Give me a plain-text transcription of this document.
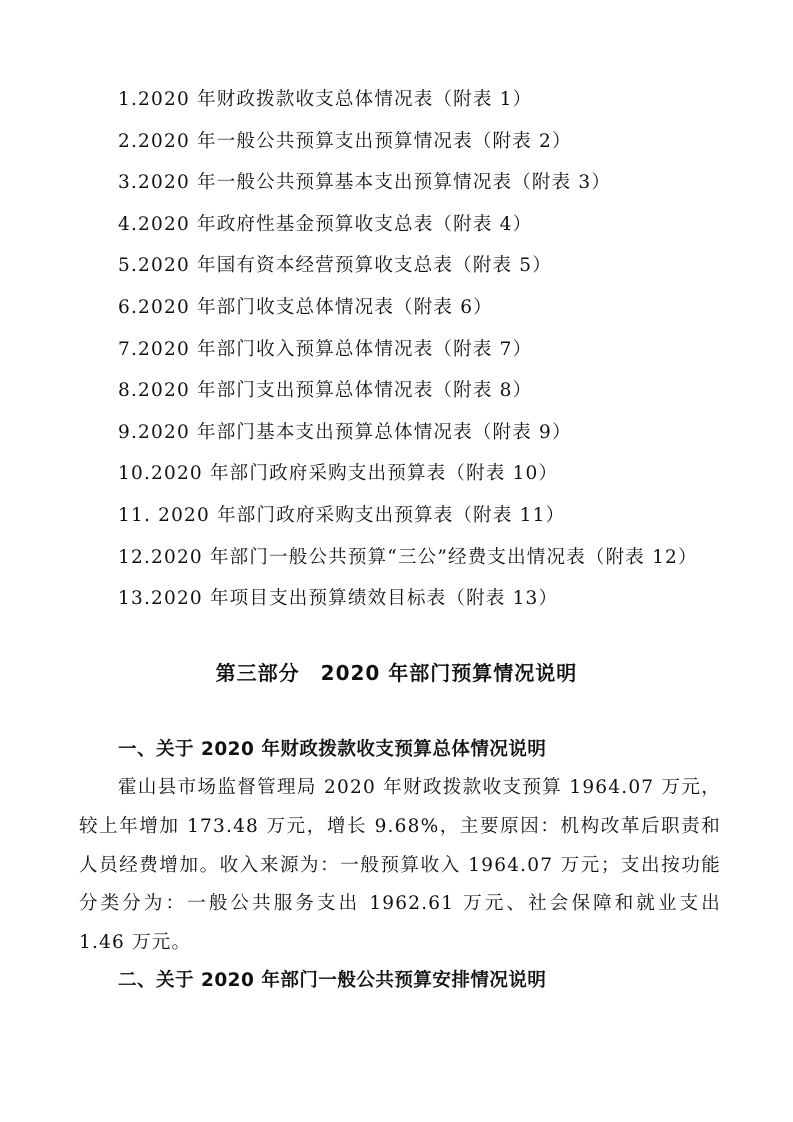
1.2020 年财政拨款收支总体情况表（附表 1）
2.2020 年一般公共预算支出预算情况表（附表 2）
3.2020 年一般公共预算基本支出预算情况表（附表 3）
4.2020 年政府性基金预算收支总表（附表 4）
5.2020 年国有资本经营预算收支总表（附表 5）
6.2020 年部门收支总体情况表（附表 6）
7.2020 年部门收入预算总体情况表（附表 7）
8.2020 年部门支出预算总体情况表（附表 8）
9.2020 年部门基本支出预算总体情况表（附表 9）
10.2020 年部门政府采购支出预算表（附表 10）
11. 2020 年部门政府采购支出预算表（附表 11）
12.2020 年部门一般公共预算“三公”经费支出情况表（附表 12）
13.2020 年项目支出预算绩效目标表（附表 13）
第三部分　2020 年部门预算情况说明
一、关于 2020 年财政拨款收支预算总体情况说明

霍山县市场监督管理局 2020 年财政拨款收支预算 1964.07 万元，较上年增加 173.48 万元，增长 9.68%，主要原因：机构改革后职责和人员经费增加。收入来源为：一般预算收入 1964.07 万元；支出按功能分类分为：一般公共服务支出 1962.61 万元、社会保障和就业支出 1.46 万元。

二、关于 2020 年部门一般公共预算安排情况说明
